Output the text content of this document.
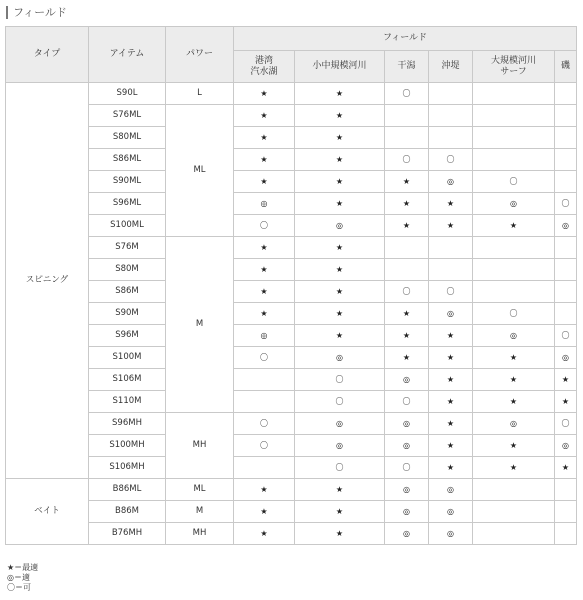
フィールド
タイプ	アイテム	パワー	フィールド					
			港湾
汽水湖	小中規模河川	干潟	沖堤	大規模河川
サーフ	磯
スピニング	S90L	L	★	★	〇			
	S76ML	ML	★	★				
	S80ML		★	★				
	S86ML		★	★	〇	〇		
	S90ML		★	★	★	◎	〇	
	S96ML		◎	★	★	★	◎	〇
	S100ML		〇	◎	★	★	★	◎
	S76M	M	★	★				
	S80M		★	★				
	S86M		★	★	〇	〇		
	S90M		★	★	★	◎	〇	
	S96M		◎	★	★	★	◎	〇
	S100M		〇	◎	★	★	★	◎
	S106M			〇	◎	★	★	★
	S110M			〇	〇	★	★	★
	S96MH	MH	〇	◎	◎	★	◎	〇
	S100MH		〇	◎	◎	★	★	◎
	S106MH			〇	〇	★	★	★
ベイト	B86ML	ML	★	★	◎	◎		
	B86M	M	★	★	◎	◎		
	B76MH	MH	★	★	◎	◎		
★＝最適
◎＝適
〇＝可
